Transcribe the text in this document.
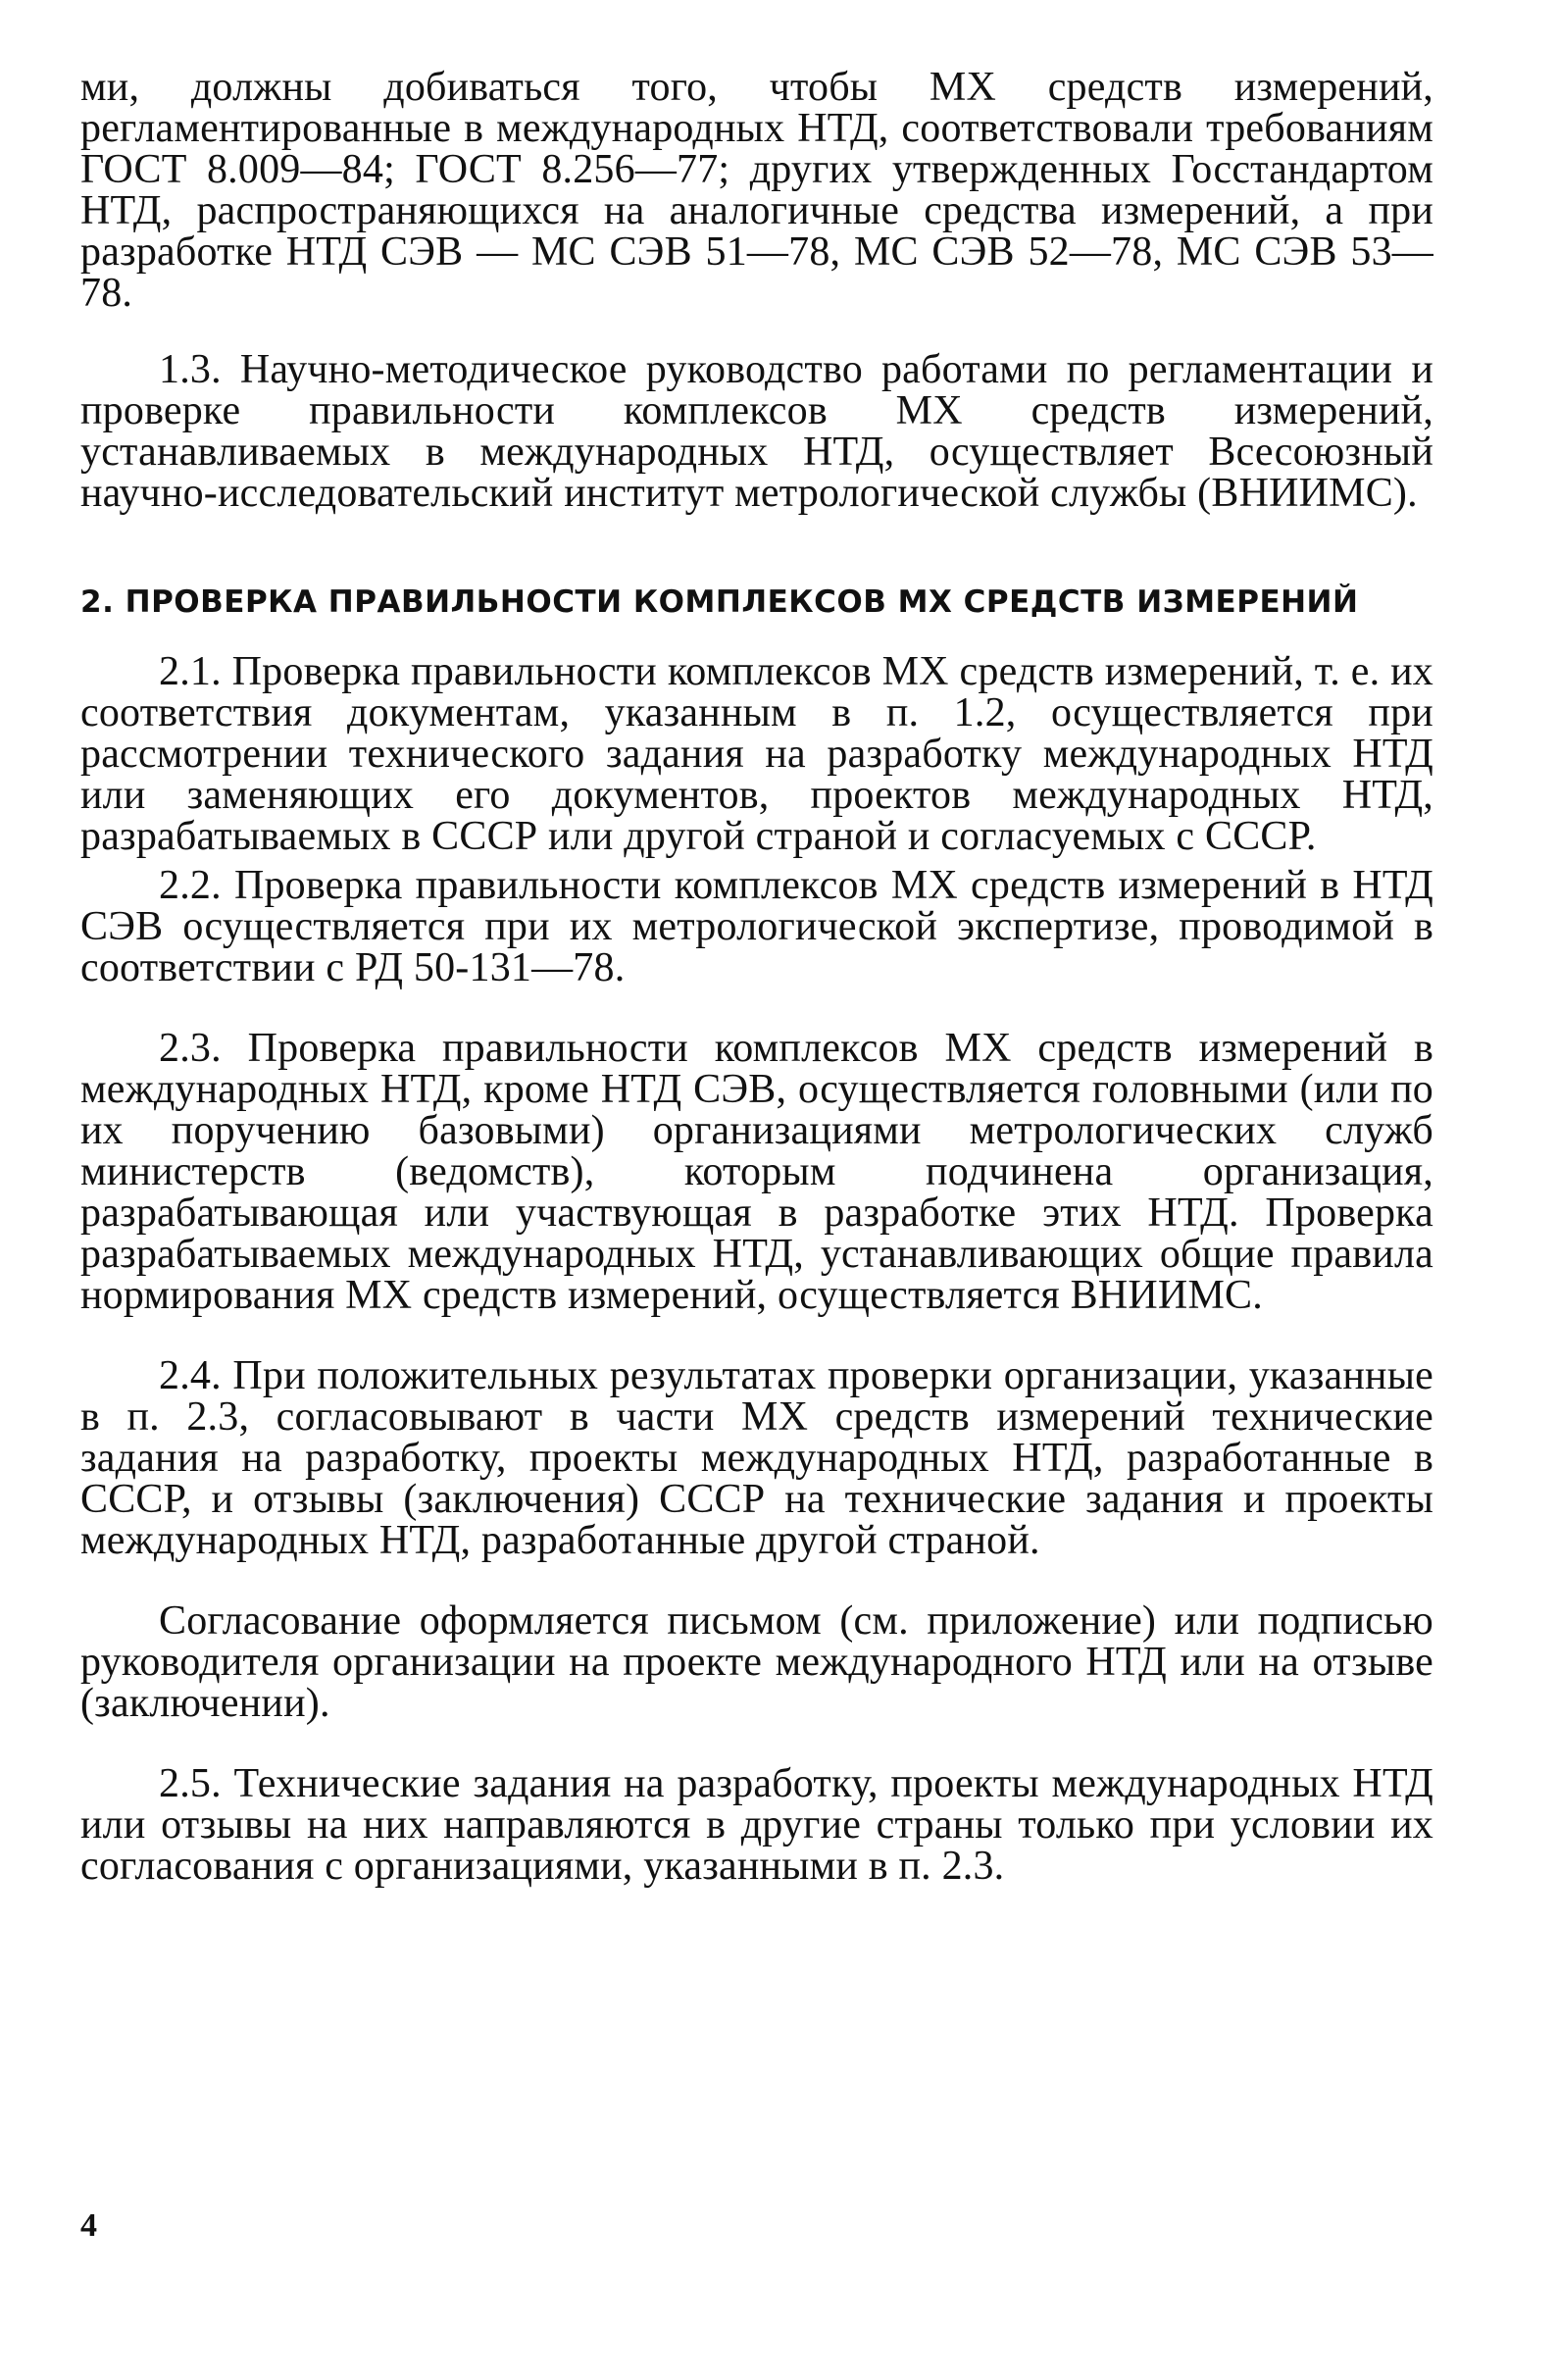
ми, должны добиваться того, чтобы МХ средств измерений, регламентированные в международных НТД, соответствовали требованиям ГОСТ 8.009—84; ГОСТ 8.256—77; других утвержденных Госстандартом НТД, распространяющихся на аналогичные средства измерений, а при разработке НТД СЭВ — МС СЭВ 51—78, МС СЭВ 52—78, МС СЭВ 53—78.

1.3. Научно-методическое руководство работами по регламентации и проверке правильности комплексов МХ средств измерений, устанавливаемых в международных НТД, осуществляет Всесоюзный научно-исследовательский институт метрологической службы (ВНИИМС).

2. ПРОВЕРКА ПРАВИЛЬНОСТИ КОМПЛЕКСОВ МХ СРЕДСТВ ИЗМЕРЕНИЙ

2.1. Проверка правильности комплексов МХ средств измерений, т. е. их соответствия документам, указанным в п. 1.2, осуществляется при рассмотрении технического задания на разработку международных НТД или заменяющих его документов, проектов международных НТД, разрабатываемых в СССР или другой страной и согласуемых с СССР.

2.2. Проверка правильности комплексов МХ средств измерений в НТД СЭВ осуществляется при их метрологической экспертизе, проводимой в соответствии с РД 50-131—78.

2.3. Проверка правильности комплексов МХ средств измерений в международных НТД, кроме НТД СЭВ, осуществляется головными (или по их поручению базовыми) организациями метрологических служб министерств (ведомств), которым подчинена организация, разрабатывающая или участвующая в разработке этих НТД. Проверка разрабатываемых международных НТД, устанавливающих общие правила нормирования МХ средств измерений, осуществляется ВНИИМС.

2.4. При положительных результатах проверки организации, указанные в п. 2.3, согласовывают в части МХ средств измерений технические задания на разработку, проекты международных НТД, разработанные в СССР, и отзывы (заключения) СССР на технические задания и проекты международных НТД, разработанные другой страной.

Согласование оформляется письмом (см. приложение) или подписью руководителя организации на проекте международного НТД или на отзыве (заключении).

2.5. Технические задания на разработку, проекты международных НТД или отзывы на них направляются в другие страны только при условии их согласования с организациями, указанными в п. 2.3.

4
